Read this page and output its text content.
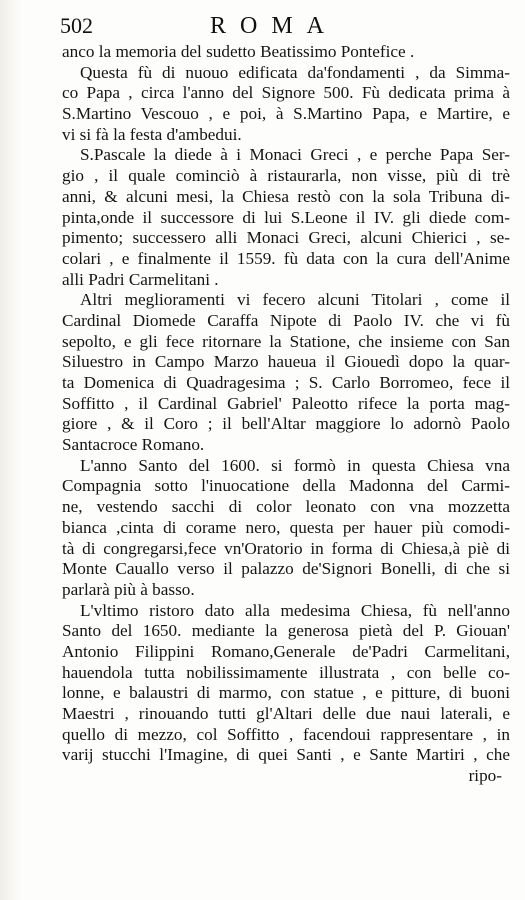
502	ROMA
anco la memoria del sudetto Beatissimo Pontefice .
Questa fù di nuouo edificata da'fondamenti , da Simma-
co Papa , circa l'anno del Signore 500. Fù dedicata prima à
S.Martino Vescouo , e poi, à S.Martino Papa, e Martire, e
vi si fà la festa d'ambedui.
S.Pascale la diede à i Monaci Greci , e perche Papa Ser-
gio , il quale cominciò à ristaurarla, non visse, più di trè
anni, & alcuni mesi, la Chiesa restò con la sola Tribuna di-
pinta,onde il successore di lui S.Leone il IV. gli diede com-
pimento; successero alli Monaci Greci, alcuni Chierici , se-
colari , e finalmente il 1559. fù data con la cura dell'Anime
alli Padri Carmelitani .
Altri meglioramenti vi fecero alcuni Titolari , come il
Cardinal Diomede Caraffa Nipote di Paolo IV. che vi fù
sepolto, e gli fece ritornare la Statione, che insieme con San
Siluestro in Campo Marzo haueua il Giouedì dopo la quar-
ta Domenica di Quadragesima ; S. Carlo Borromeo, fece il
Soffitto , il Cardinal Gabriel' Paleotto rifece la porta mag-
giore , & il Coro ; il bell'Altar maggiore lo adornò Paolo
Santacroce Romano.
L'anno Santo del 1600. si formò in questa Chiesa vna
Compagnia sotto l'inuocatione della Madonna del Carmi-
ne, vestendo sacchi di color leonato con vna mozzetta
bianca ,cinta di corame nero, questa per hauer più comodi-
tà di congregarsi,fece vn'Oratorio in forma di Chiesa,à piè di
Monte Cauallo verso il palazzo de'Signori Bonelli, di che si
parlarà più à basso.
L'vltimo ristoro dato alla medesima Chiesa, fù nell'anno
Santo del 1650. mediante la generosa pietà del P. Giouan'
Antonio Filippini Romano,Generale de'Padri Carmelitani,
hauendola tutta nobilissimamente illustrata , con belle co-
lonne, e balaustri di marmo, con statue , e pitture, di buoni
Maestri , rinouando tutti gl'Altari delle due naui laterali, e
quello di mezzo, col Soffitto , facendoui rappresentare , in
varij stucchi l'Imagine, di quei Santi , e Sante Martiri , che
ripo-
